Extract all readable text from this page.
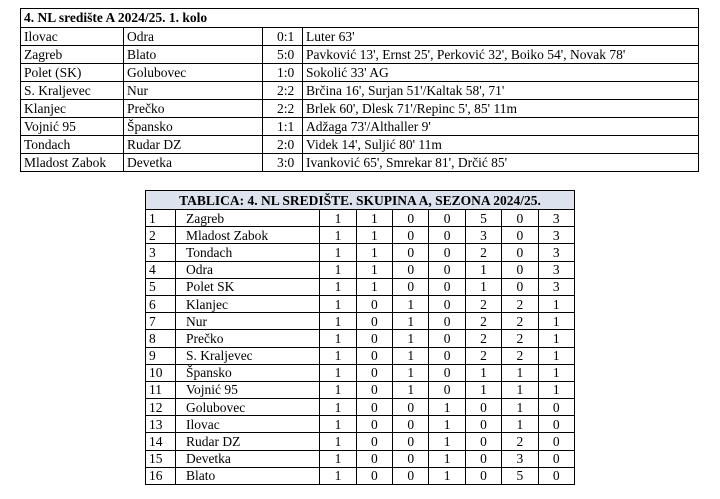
4. NL središte A 2024/25. 1. kolo			
Ilovac	Odra	0:1	Luter 63'
Zagreb	Blato	5:0	Pavković 13', Ernst 25', Perković 32', Boiko 54', Novak 78'
Polet (SK)	Golubovec	1:0	Sokolić 33' AG
S. Kraljevec	Nur	2:2	Brčina 16', Surjan 51'/Kaltak 58', 71'
Klanjec	Prečko	2:2	Brlek 60', Dlesk 71'/Repinc 5', 85' 11m
Vojnić 95	Špansko	1:1	Adžaga 73'/Althaller 9'
Tondach	Rudar DZ	2:0	Videk 14', Suljić 80' 11m
Mladost Zabok	Devetka	3:0	Ivanković 65', Smrekar 81', Drčić 85'
TABLICA: 4. NL SREDIŠTE. SKUPINA A, SEZONA 2024/25.								
1	Zagreb	1	1	0	0	5	0	3
2	Mladost Zabok	1	1	0	0	3	0	3
3	Tondach	1	1	0	0	2	0	3
4	Odra	1	1	0	0	1	0	3
5	Polet SK	1	1	0	0	1	0	3
6	Klanjec	1	0	1	0	2	2	1
7	Nur	1	0	1	0	2	2	1
8	Prečko	1	0	1	0	2	2	1
9	S. Kraljevec	1	0	1	0	2	2	1
10	Špansko	1	0	1	0	1	1	1
11	Vojnić 95	1	0	1	0	1	1	1
12	Golubovec	1	0	0	1	0	1	0
13	Ilovac	1	0	0	1	0	1	0
14	Rudar DZ	1	0	0	1	0	2	0
15	Devetka	1	0	0	1	0	3	0
16	Blato	1	0	0	1	0	5	0
